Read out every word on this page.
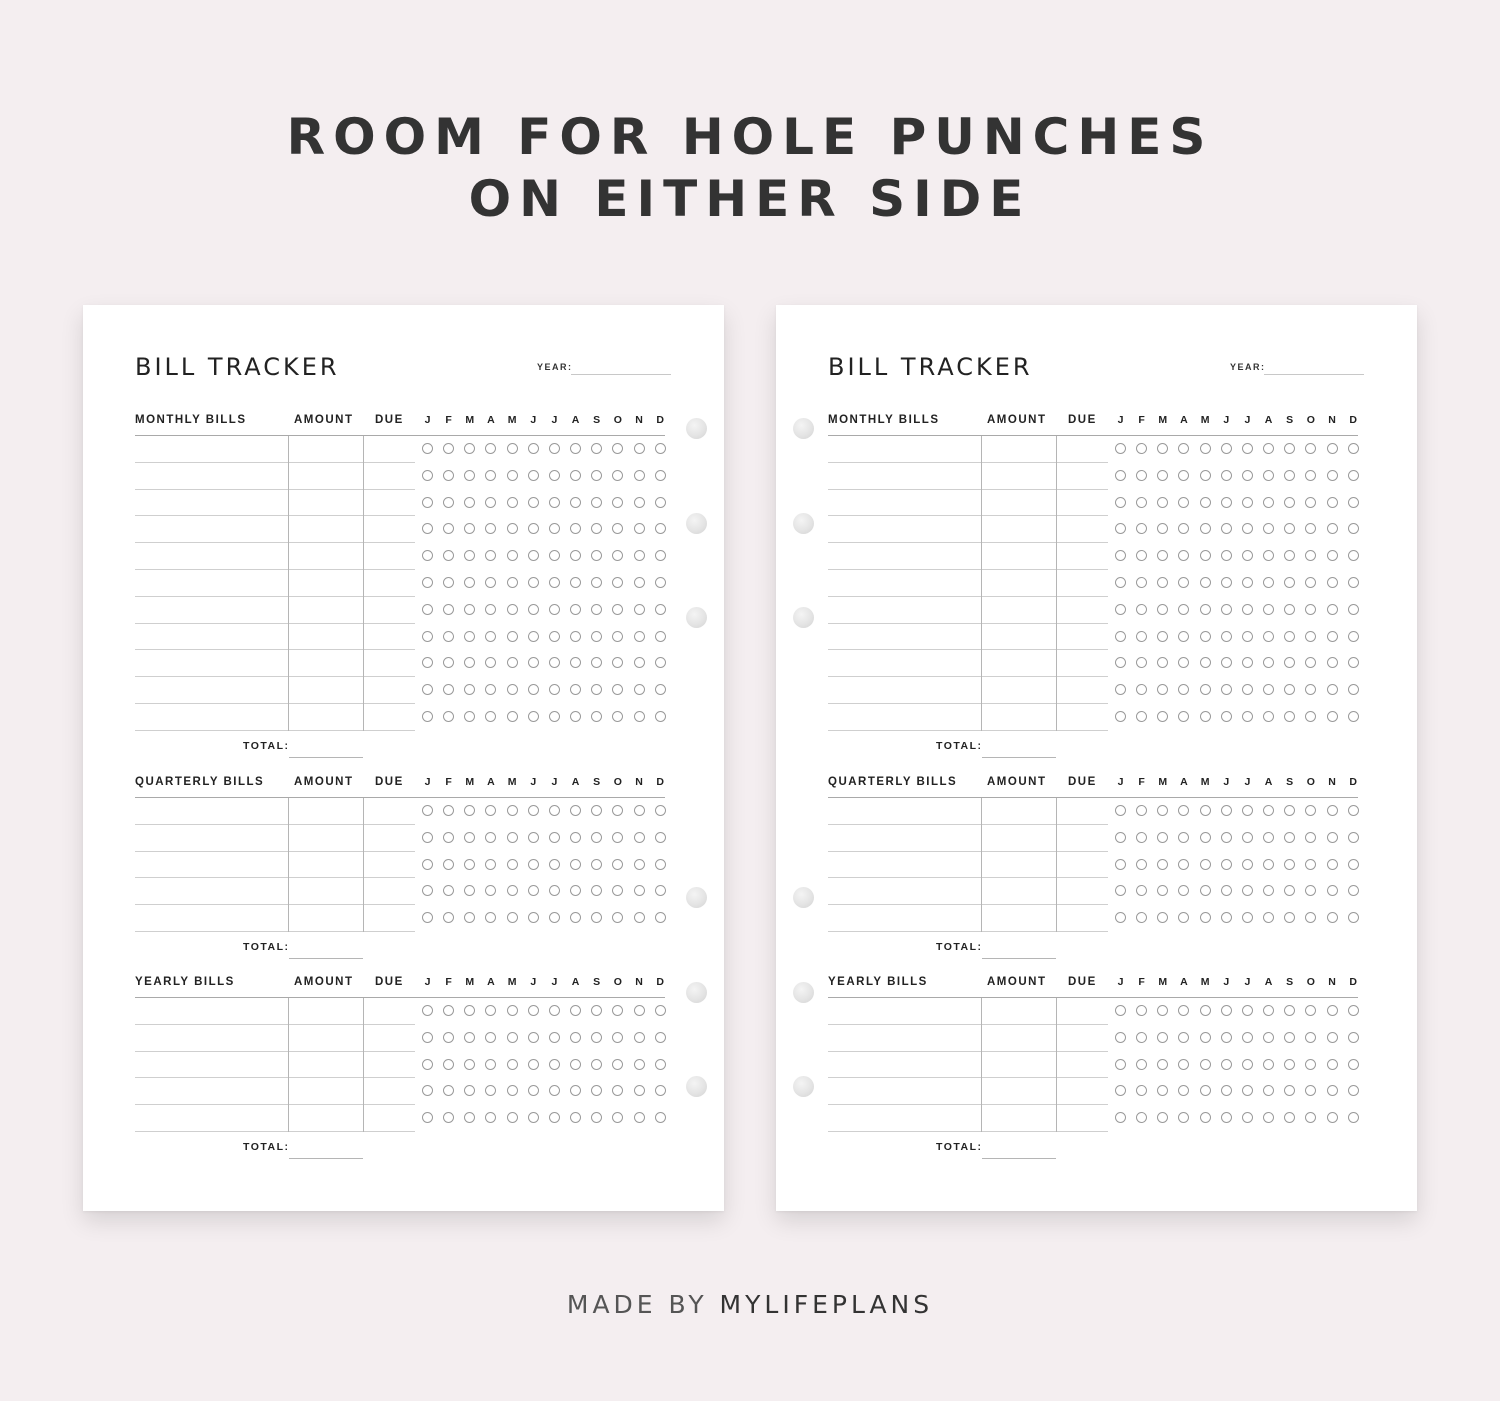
ROOM FOR HOLE PUNCHES
ON EITHER SIDE
BILL TRACKER	YEAR:
MONTHLY BILLS	AMOUNT DUE	J	F	M	A	M	J	J	A	S	O	N	D
TOTAL:
QUARTERLY BILLS	AMOUNT DUE	J	F	M	A	M	J	J	A	S	O	N	D
TOTAL:
YEARLY BILLS	AMOUNT DUE	J	F	M	A	M	J	J	A	S	O	N	D
TOTAL:
BILL TRACKER	YEAR:
MONTHLY BILLS	AMOUNT DUE	J	F	M	A	M	J	J	A	S	O	N	D
TOTAL:
QUARTERLY BILLS	AMOUNT DUE	J	F	M	A	M	J	J	A	S	O	N	D
TOTAL:
YEARLY BILLS	AMOUNT DUE	J	F	M	A	M	J	J	A	S	O	N	D
TOTAL:
MADE BY MYLIFEPLANS
